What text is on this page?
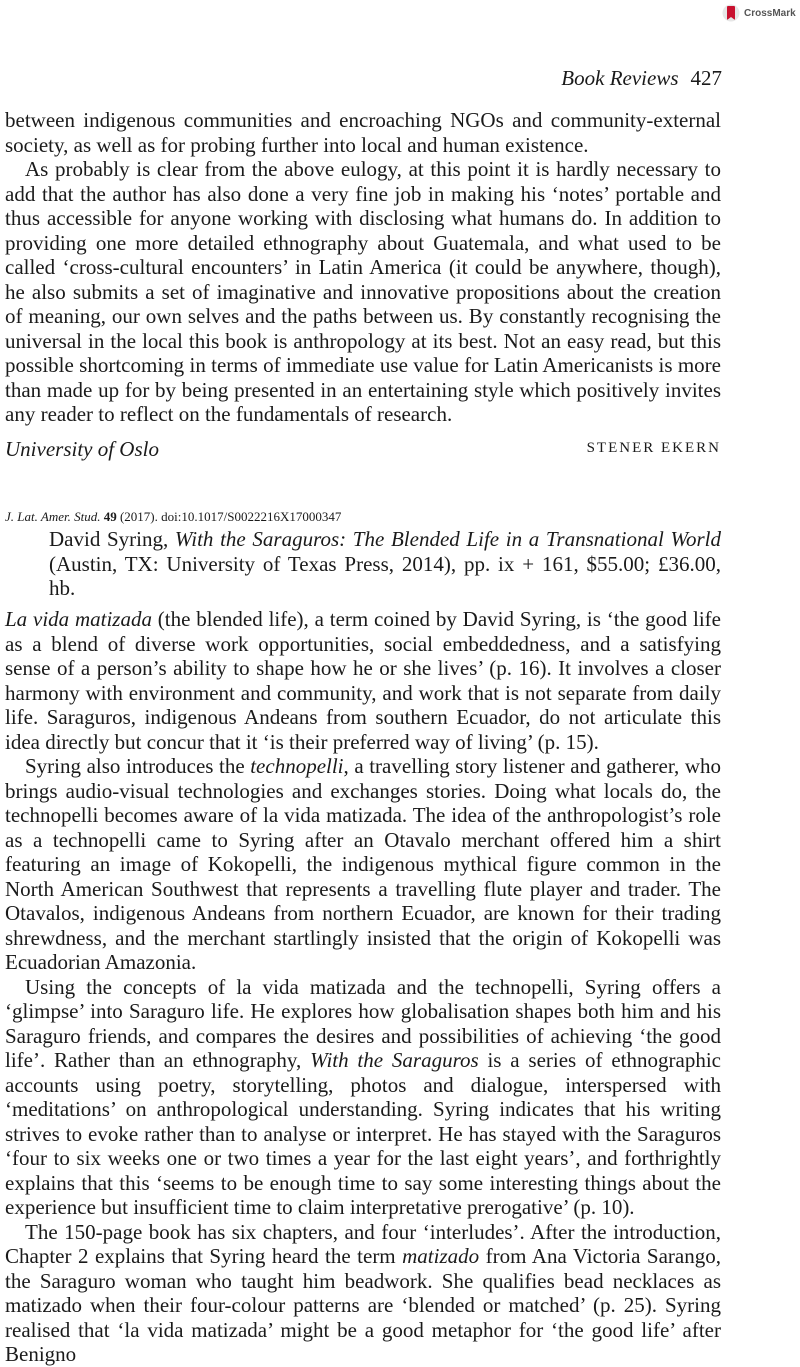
CrossMark
Book Reviews 427

between indigenous communities and encroaching NGOs and community-external society, as well as for probing further into local and human existence.

As probably is clear from the above eulogy, at this point it is hardly necessary to add that the author has also done a very fine job in making his ‘notes’ portable and thus accessible for anyone working with disclosing what humans do. In addition to providing one more detailed ethnography about Guatemala, and what used to be called ‘cross-cultural encounters’ in Latin America (it could be anywhere, though), he also submits a set of imaginative and innovative propositions about the creation of meaning, our own selves and the paths between us. By constantly recognising the universal in the local this book is anthropology at its best. Not an easy read, but this possible shortcoming in terms of immediate use value for Latin Americanists is more than made up for by being presented in an entertaining style which positively invites any reader to reflect on the fundamentals of research.

University of Oslo	STENER EKERN
J. Lat. Amer. Stud. 49 (2017). doi:10.1017/S0022216X17000347
David Syring, With the Saraguros: The Blended Life in a Transnational World (Austin, TX: University of Texas Press, 2014), pp. ix + 161, $55.00; £36.00, hb.

La vida matizada (the blended life), a term coined by David Syring, is ‘the good life as a blend of diverse work opportunities, social embeddedness, and a satisfying sense of a person’s ability to shape how he or she lives’ (p. 16). It involves a closer harmony with environment and community, and work that is not separate from daily life. Saraguros, indigenous Andeans from southern Ecuador, do not articulate this idea directly but concur that it ‘is their preferred way of living’ (p. 15).

Syring also introduces the technopelli, a travelling story listener and gatherer, who brings audio-visual technologies and exchanges stories. Doing what locals do, the technopelli becomes aware of la vida matizada. The idea of the anthropologist’s role as a technopelli came to Syring after an Otavalo merchant offered him a shirt featuring an image of Kokopelli, the indigenous mythical figure common in the North American Southwest that represents a travelling flute player and trader. The Otavalos, indigenous Andeans from northern Ecuador, are known for their trading shrewdness, and the merchant startlingly insisted that the origin of Kokopelli was Ecuadorian Amazonia.

Using the concepts of la vida matizada and the technopelli, Syring offers a ‘glimpse’ into Saraguro life. He explores how globalisation shapes both him and his Saraguro friends, and compares the desires and possibilities of achieving ‘the good life’. Rather than an ethnography, With the Saraguros is a series of ethnographic accounts using poetry, storytelling, photos and dialogue, interspersed with ‘meditations’ on anthropological understanding. Syring indicates that his writing strives to evoke rather than to analyse or interpret. He has stayed with the Saraguros ‘four to six weeks one or two times a year for the last eight years’, and forthrightly explains that this ‘seems to be enough time to say some interesting things about the experience but insufficient time to claim interpretative prerogative’ (p. 10).

The 150-page book has six chapters, and four ‘interludes’. After the introduction, Chapter 2 explains that Syring heard the term matizado from Ana Victoria Sarango, the Saraguro woman who taught him beadwork. She qualifies bead necklaces as matizado when their four-colour patterns are ‘blended or matched’ (p. 25). Syring realised that ‘la vida matizada’ might be a good metaphor for ‘the good life’ after Benigno
